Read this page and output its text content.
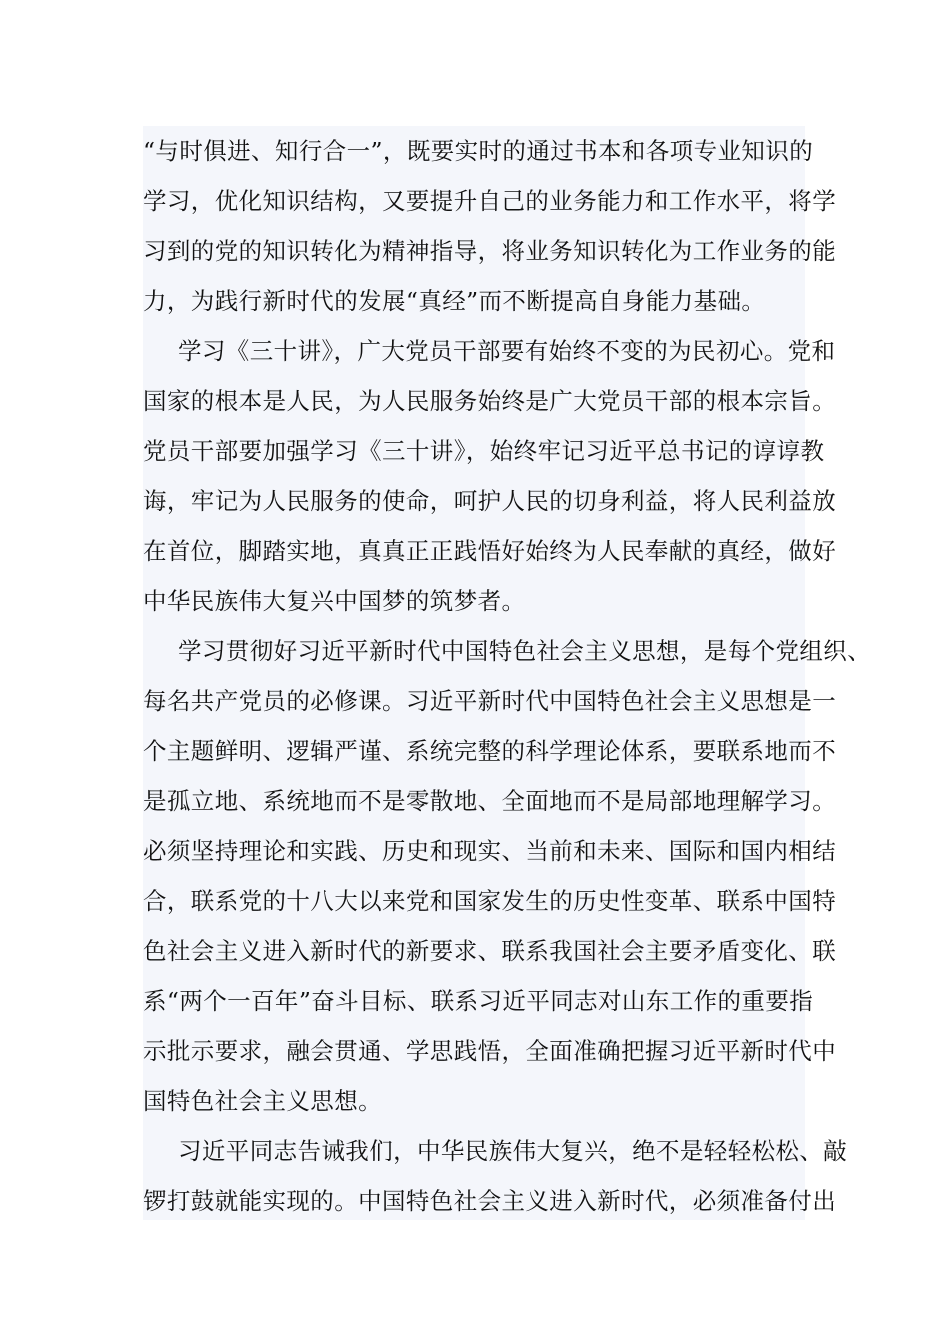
“与时俱进、知行合一”，既要实时的通过书本和各项专业知识的
学习，优化知识结构，又要提升自己的业务能力和工作水平，将学
习到的党的知识转化为精神指导，将业务知识转化为工作业务的能
力，为践行新时代的发展“真经”而不断提高自身能力基础。
学习《三十讲》，广大党员干部要有始终不变的为民初心。党和
国家的根本是人民，为人民服务始终是广大党员干部的根本宗旨。
党员干部要加强学习《三十讲》，始终牢记习近平总书记的谆谆教
诲，牢记为人民服务的使命，呵护人民的切身利益，将人民利益放
在首位，脚踏实地，真真正正践悟好始终为人民奉献的真经，做好
中华民族伟大复兴中国梦的筑梦者。
学习贯彻好习近平新时代中国特色社会主义思想，是每个党组织、
每名共产党员的必修课。习近平新时代中国特色社会主义思想是一
个主题鲜明、逻辑严谨、系统完整的科学理论体系，要联系地而不
是孤立地、系统地而不是零散地、全面地而不是局部地理解学习。
必须坚持理论和实践、历史和现实、当前和未来、国际和国内相结
合，联系党的十八大以来党和国家发生的历史性变革、联系中国特
色社会主义进入新时代的新要求、联系我国社会主要矛盾变化、联
系“两个一百年”奋斗目标、联系习近平同志对山东工作的重要指
示批示要求，融会贯通、学思践悟，全面准确把握习近平新时代中
国特色社会主义思想。
习近平同志告诫我们，中华民族伟大复兴，绝不是轻轻松松、敲
锣打鼓就能实现的。中国特色社会主义进入新时代，必须准备付出
